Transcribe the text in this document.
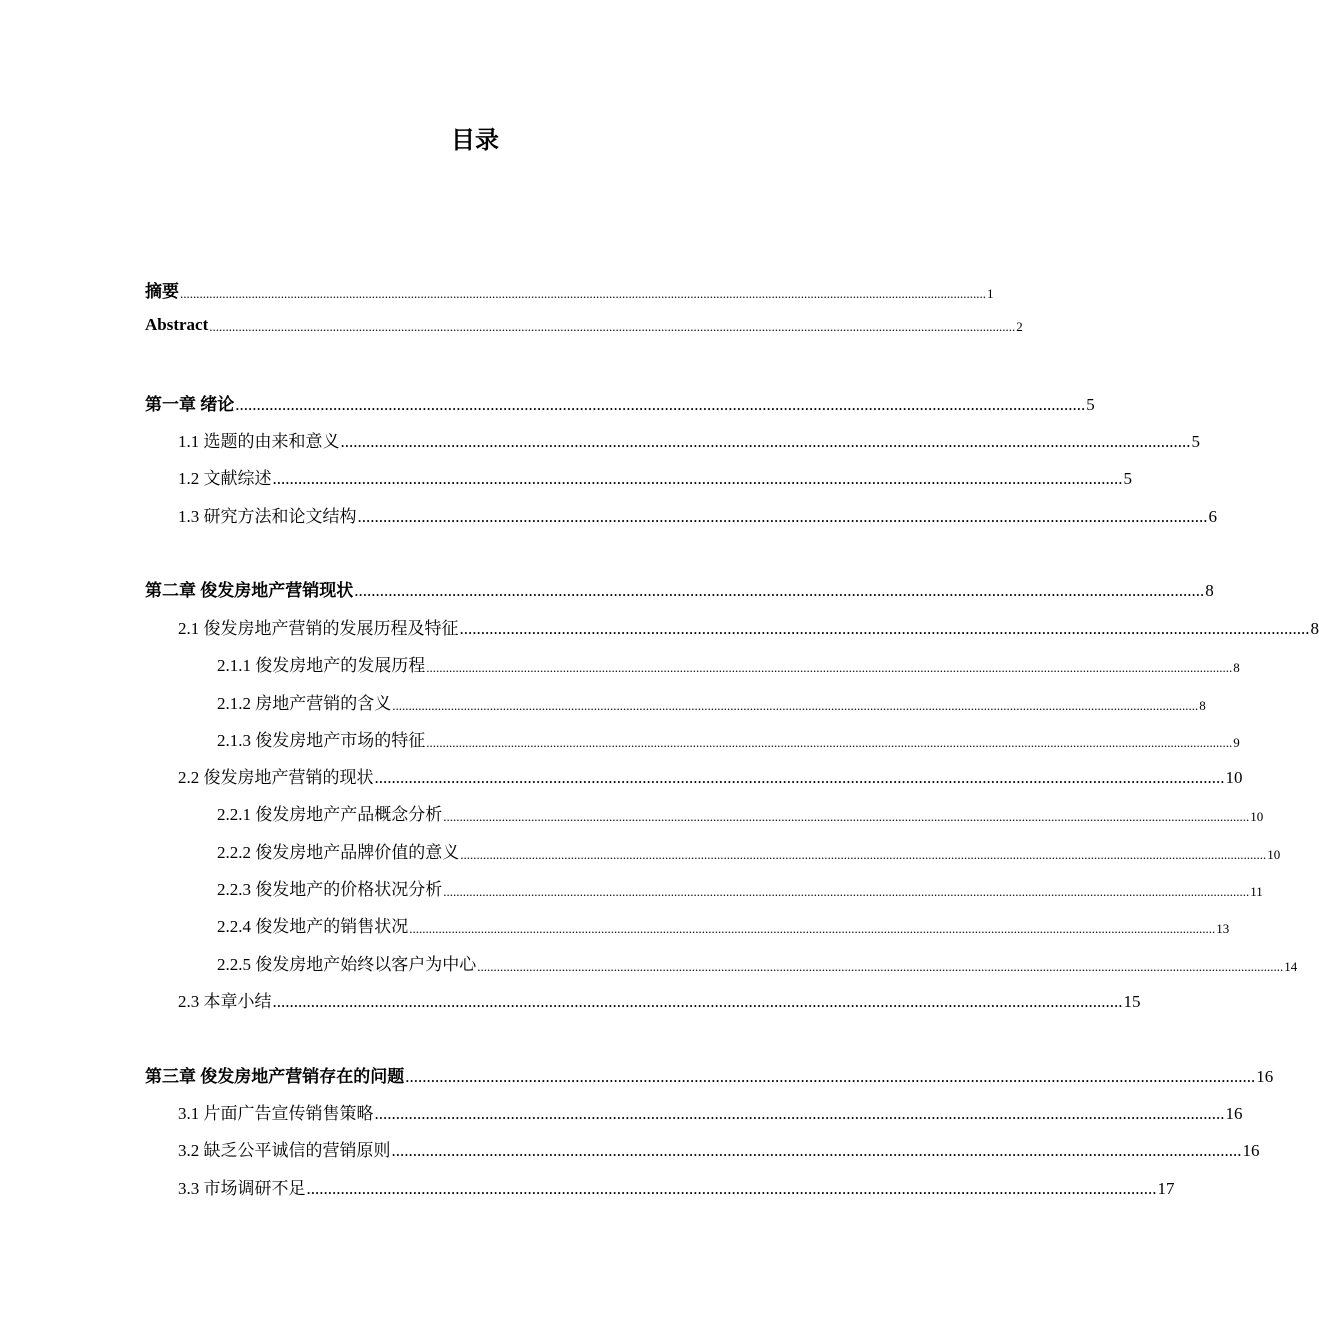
目录
摘要 ........................................................................................................................................................................................................................................................ 1
Abstract ........................................................................................................................................................................................................................................................ 2
第一章 绪论 ........................................................................................................................................................................................................ 5
1.1 选题的由来和意义 ........................................................................................................................................................................................................ 5
1.2 文献综述 ........................................................................................................................................................................................................ 5
1.3 研究方法和论文结构 ........................................................................................................................................................................................................ 6
第二章 俊发房地产营销现状 ........................................................................................................................................................................................................ 8
2.1 俊发房地产营销的发展历程及特征 ........................................................................................................................................................................................................ 8
2.1.1 俊发房地产的发展历程 ........................................................................................................................................................................................................................................................ 8
2.1.2 房地产营销的含义 ........................................................................................................................................................................................................................................................ 8
2.1.3 俊发房地产市场的特征 ........................................................................................................................................................................................................................................................ 9
2.2 俊发房地产营销的现状 ........................................................................................................................................................................................................ 10
2.2.1 俊发房地产产品概念分析 ........................................................................................................................................................................................................................................................ 10
2.2.2 俊发房地产品牌价值的意义 ........................................................................................................................................................................................................................................................ 10
2.2.3 俊发地产的价格状况分析 ........................................................................................................................................................................................................................................................ 11
2.2.4 俊发地产的销售状况 ........................................................................................................................................................................................................................................................ 13
2.2.5 俊发房地产始终以客户为中心 ........................................................................................................................................................................................................................................................ 14
2.3 本章小结 ........................................................................................................................................................................................................ 15
第三章 俊发房地产营销存在的问题 ........................................................................................................................................................................................................ 16
3.1 片面广告宣传销售策略 ........................................................................................................................................................................................................ 16
3.2 缺乏公平诚信的营销原则 ........................................................................................................................................................................................................ 16
3.3 市场调研不足 ........................................................................................................................................................................................................ 17
